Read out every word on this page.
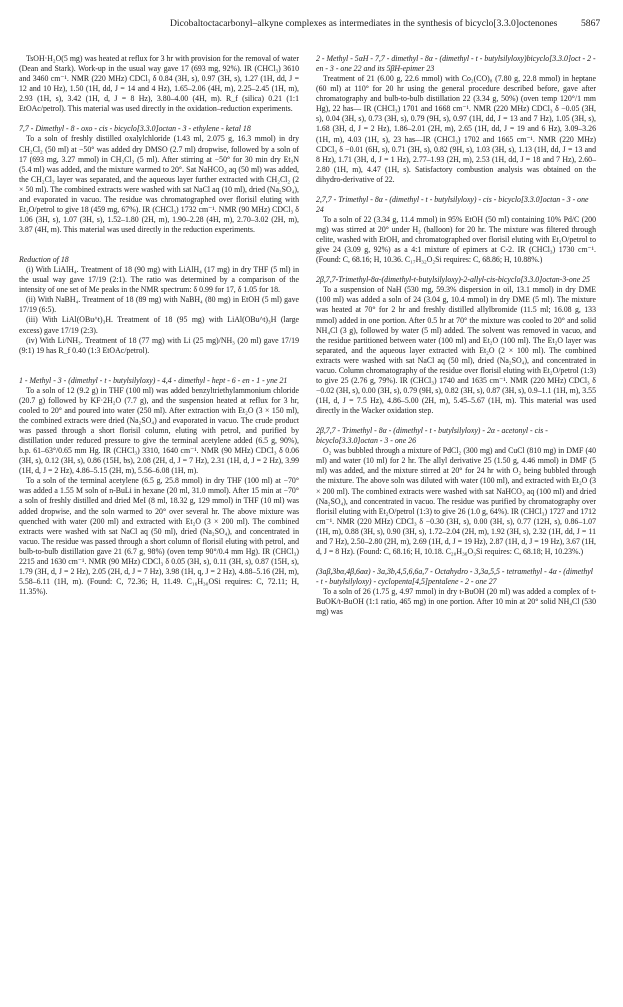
Dicobaltoctacarbonyl–alkyne complexes as intermediates in the synthesis of bicyclo[3.3.0]octenones 5867

TsOH·H₂O(5 mg) was heated at reflux for 3 hr with provision for the removal of water (Dean and Stark). Work-up in the usual way gave 17 (693 mg, 92%). IR (CHCl₃) 3610 and 3460 cm⁻¹. NMR (220 MHz) CDCl₃ δ 0.84 (3H, s), 0.97 (3H, s), 1.27 (1H, dd, J = 12 and 10 Hz), 1.50 (1H, dd, J = 14 and 4 Hz), 1.65–2.06 (4H, m), 2.25–2.45 (1H, m), 2.93 (1H, s), 3.42 (1H, d, J = 8 Hz), 3.80–4.00 (4H, m). R_f (silica) 0.21 (1:1 EtOAc/petrol). This material was used directly in the oxidation–reduction experiments.

7,7 - Dimethyl - 8 - oxo - cis - bicyclo[3.3.0]octan - 3 - ethylene - ketal 18

To a soln of freshly distilled oxalylchloride (1.43 ml, 2.075 g, 16.3 mmol) in dry CH₂Cl₂ (50 ml) at −50° was added dry DMSO (2.7 ml) dropwise, followed by a soln of 17 (693 mg, 3.27 mmol) in CH₂Cl₂ (5 ml). After stirring at −50° for 30 min dry Et₃N (5.4 ml) was added, and the mixture warmed to 20°. Sat NaHCO₃ aq (50 ml) was added, the CH₂Cl₂ layer was separated, and the aqueous layer further extracted with CH₂Cl₂ (2 × 50 ml). The combined extracts were washed with sat NaCl aq (10 ml), dried (Na₂SO₄), and evaporated in vacuo. The residue was chromatographed over florisil eluting with Et₂O/petrol to give 18 (459 mg, 67%). IR (CHCl₃) 1732 cm⁻¹. NMR (90 MHz) CDCl₃ δ 1.06 (3H, s), 1.07 (3H, s), 1.52–1.80 (2H, m), 1.90–2.28 (4H, m), 2.70–3.02 (2H, m), 3.87 (4H, m). This material was used directly in the reduction experiments.

Reduction of 18

(i) With LiAlH₄. Treatment of 18 (90 mg) with LiAlH₄ (17 mg) in dry THF (5 ml) in the usual way gave 17/19 (2:1). The ratio was determined by a comparison of the intensity of one set of Me peaks in the NMR spectrum: δ 0.99 for 17, δ 1.05 for 18.

(ii) With NaBH₄. Treatment of 18 (89 mg) with NaBH₄ (80 mg) in EtOH (5 ml) gave 17/19 (6:5).

(iii) With LiAl(OBu^t)₃H. Treatment of 18 (95 mg) with LiAl(OBu^t)₃H (large excess) gave 17/19 (2:3).

(iv) With Li/NH₃. Treatment of 18 (77 mg) with Li (25 mg)/NH₃ (20 ml) gave 17/19 (9:1) 19 has R_f 0.40 (1:3 EtOAc/petrol).

1 - Methyl - 3 - (dimethyl - t - butylsilyloxy) - 4,4 - dimethyl - hept - 6 - en - 1 - yne 21

To a soln of 12 (9.2 g) in THF (100 ml) was added benzyltriethylammonium chloride (20.7 g) followed by KF·2H₂O (7.7 g), and the suspension heated at reflux for 3 hr, cooled to 20° and poured into water (250 ml). After extraction with Et₂O (3 × 150 ml), the combined extracts were dried (Na₂SO₄) and evaporated in vacuo. The crude product was passed through a short florisil column, eluting with petrol, and purified by distillation under reduced pressure to give the terminal acetylene added (6.5 g, 90%), b.p. 61–63°/0.65 mm Hg. IR (CHCl₃) 3310, 1640 cm⁻¹. NMR (90 MHz) CDCl₃ δ 0.06 (3H, s), 0.12 (3H, s), 0.86 (15H, bs), 2.08 (2H, d, J = 7 Hz), 2.31 (1H, d, J = 2 Hz), 3.99 (1H, d, J = 2 Hz), 4.86–5.15 (2H, m), 5.56–6.08 (1H, m).

To a soln of the terminal acetylene (6.5 g, 25.8 mmol) in dry THF (100 ml) at −70° was added a 1.55 M soln of n-BuLi in hexane (20 ml, 31.0 mmol). After 15 min at −70° a soln of freshly distilled and dried MeI (8 ml, 18.32 g, 129 mmol) in THF (10 ml) was added dropwise, and the soln warmed to 20° over several hr. The above mixture was quenched with water (200 ml) and extracted with Et₂O (3 × 200 ml). The combined extracts were washed with sat NaCl aq (50 ml), dried (Na₂SO₄), and concentrated in vacuo. The residue was passed through a short column of florisil eluting with petrol, and bulb-to-bulb distillation gave 21 (6.7 g, 98%) (oven temp 90°/0.4 mm Hg). IR (CHCl₃) 2215 and 1630 cm⁻¹. NMR (90 MHz) CDCl₃ δ 0.05 (3H, s), 0.11 (3H, s), 0.87 (15H, s), 1.79 (3H, d, J = 2 Hz), 2.05 (2H, d, J = 7 Hz), 3.98 (1H, q, J = 2 Hz), 4.88–5.16 (2H, m), 5.58–6.11 (1H, m). (Found: C, 72.36; H, 11.49. C₁₆H₃₀OSi requires: C, 72.11; H, 11.35%).

2 - Methyl - 5αH - 7,7 - dimethyl - 8α - (dimethyl - t - butylsilyloxy)bicyclo[3.3.0]oct - 2 - en - 3 - one 22 and its 5βH-epimer 23

Treatment of 21 (6.00 g, 22.6 mmol) with Co₂(CO)₈ (7.80 g, 22.8 mmol) in heptane (60 ml) at 110° for 20 hr using the general procedure described before, gave after chromatography and bulb-to-bulb distillation 22 (3.34 g, 50%) (oven temp 120°/1 mm Hg), 22 has— IR (CHCl₃) 1701 and 1668 cm⁻¹. NMR (220 MHz) CDCl₃ δ −0.05 (3H, s), 0.04 (3H, s), 0.73 (3H, s), 0.79 (9H, s), 0.97 (1H, dd, J = 13 and 7 Hz), 1.05 (3H, s), 1.68 (3H, d, J = 2 Hz), 1.86–2.01 (2H, m), 2.65 (1H, dd, J = 19 and 6 Hz), 3.09–3.26 (1H, m), 4.03 (1H, s), 23 has—IR (CHCl₃) 1702 and 1665 cm⁻¹. NMR (220 MHz) CDCl₃ δ −0.01 (6H, s), 0.71 (3H, s), 0.82 (9H, s), 1.03 (3H, s), 1.13 (1H, dd, J = 13 and 8 Hz), 1.71 (3H, d, J = 1 Hz), 2.77–1.93 (2H, m), 2.53 (1H, dd, J = 18 and 7 Hz), 2.60–2.80 (1H, m), 4.47 (1H, s). Satisfactory combustion analysis was obtained on the dihydro-derivative of 22.

2,7,7 - Trimethyl - 8α - (dimethyl - t - butylsilyloxy) - cis - bicyclo[3.3.0]octan - 3 - one 24

To a soln of 22 (3.34 g, 11.4 mmol) in 95% EtOH (50 ml) containing 10% Pd/C (200 mg) was stirred at 20° under H₂ (balloon) for 20 hr. The mixture was filtered through celite, washed with EtOH, and chromatographed over florisil eluting with Et₂O/petrol to give 24 (3.09 g, 92%) as a 4:1 mixture of epimers at C-2. IR (CHCl₃) 1730 cm⁻¹. (Found: C, 68.16; H, 10.36. C₁₇H₃₂O₂Si requires: C, 68.86; H, 10.88%.)

2β,7,7-Trimethyl-8α-(dimethyl-t-butylsilyloxy)-2-allyl-cis-bicyclo[3.3.0]octan-3-one 25

To a suspension of NaH (530 mg, 59.3% dispersion in oil, 13.1 mmol) in dry DME (100 ml) was added a soln of 24 (3.04 g, 10.4 mmol) in dry DME (5 ml). The mixture was heated at 70° for 2 hr and freshly distilled allylbromide (11.5 ml; 16.08 g, 133 mmol) added in one portion. After 0.5 hr at 70° the mixture was cooled to 20° and solid NH₄Cl (3 g), followed by water (5 ml) added. The solvent was removed in vacuo, and the residue partitioned between water (100 ml) and Et₂O (100 ml). The Et₂O layer was separated, and the aqueous layer extracted with Et₂O (2 × 100 ml). The combined extracts were washed with sat NaCl aq (50 ml), dried (Na₂SO₄), and concentrated in vacuo. Column chromatography of the residue over florisil eluting with Et₂O/petrol (1:3) to give 25 (2.76 g, 79%). IR (CHCl₃) 1740 and 1635 cm⁻¹. NMR (220 MHz) CDCl₃ δ −0.02 (3H, s), 0.00 (3H, s), 0.79 (9H, s), 0.82 (3H, s), 0.87 (3H, s), 0.9–1.1 (1H, m), 3.55 (1H, d, J = 7.5 Hz), 4.86–5.00 (2H, m), 5.45–5.67 (1H, m). This material was used directly in the Wacker oxidation step.

2β,7,7 - Trimethyl - 8α - (dimethyl - t - butylsilyloxy) - 2α - acetonyl - cis - bicyclo[3.3.0]octan - 3 - one 26

O₂ was bubbled through a mixture of PdCl₂ (300 mg) and CuCl (810 mg) in DMF (40 ml) and water (10 ml) for 2 hr. The allyl derivative 25 (1.50 g, 4.46 mmol) in DMF (5 ml) was added, and the mixture stirred at 20° for 24 hr with O₂ being bubbled through the mixture. The above soln was diluted with water (100 ml), and extracted with Et₂O (3 × 200 ml). The combined extracts were washed with sat NaHCO₃ aq (100 ml) and dried (Na₂SO₄), and concentrated in vacuo. The residue was purified by chromatography over florisil eluting with Et₂O/petrol (1:3) to give 26 (1.0 g, 64%). IR (CHCl₃) 1727 and 1712 cm⁻¹. NMR (220 MHz) CDCl₃ δ −0.30 (3H, s), 0.00 (3H, s), 0.77 (12H, s), 0.86–1.07 (1H, m), 0.88 (3H, s), 0.90 (3H, s), 1.72–2.04 (2H, m), 1.92 (3H, s), 2.32 (1H, dd, J = 11 and 7 Hz), 2.50–2.80 (2H, m), 2.69 (1H, d, J = 19 Hz), 2.87 (1H, d, J = 19 Hz), 3.67 (1H, d, J = 8 Hz). (Found: C, 68.16; H, 10.18. C₂₀H₃₆O₃Si requires: C, 68.18; H, 10.23%.)

(3aβ,3bα,4β,6aα) - 3a,3b,4,5,6,6a,7 - Octahydro - 3,3a,5,5 - tetramethyl - 4α - (dimethyl - t - butylsilyloxy) - cyclopenta[4,5]pentalene - 2 - one 27

To a soln of 26 (1.75 g, 4.97 mmol) in dry t-BuOH (20 ml) was added a complex of t-BuOK/t-BuOH (1:1 ratio, 465 mg) in one portion. After 10 min at 20° solid NH₄Cl (530 mg) was
